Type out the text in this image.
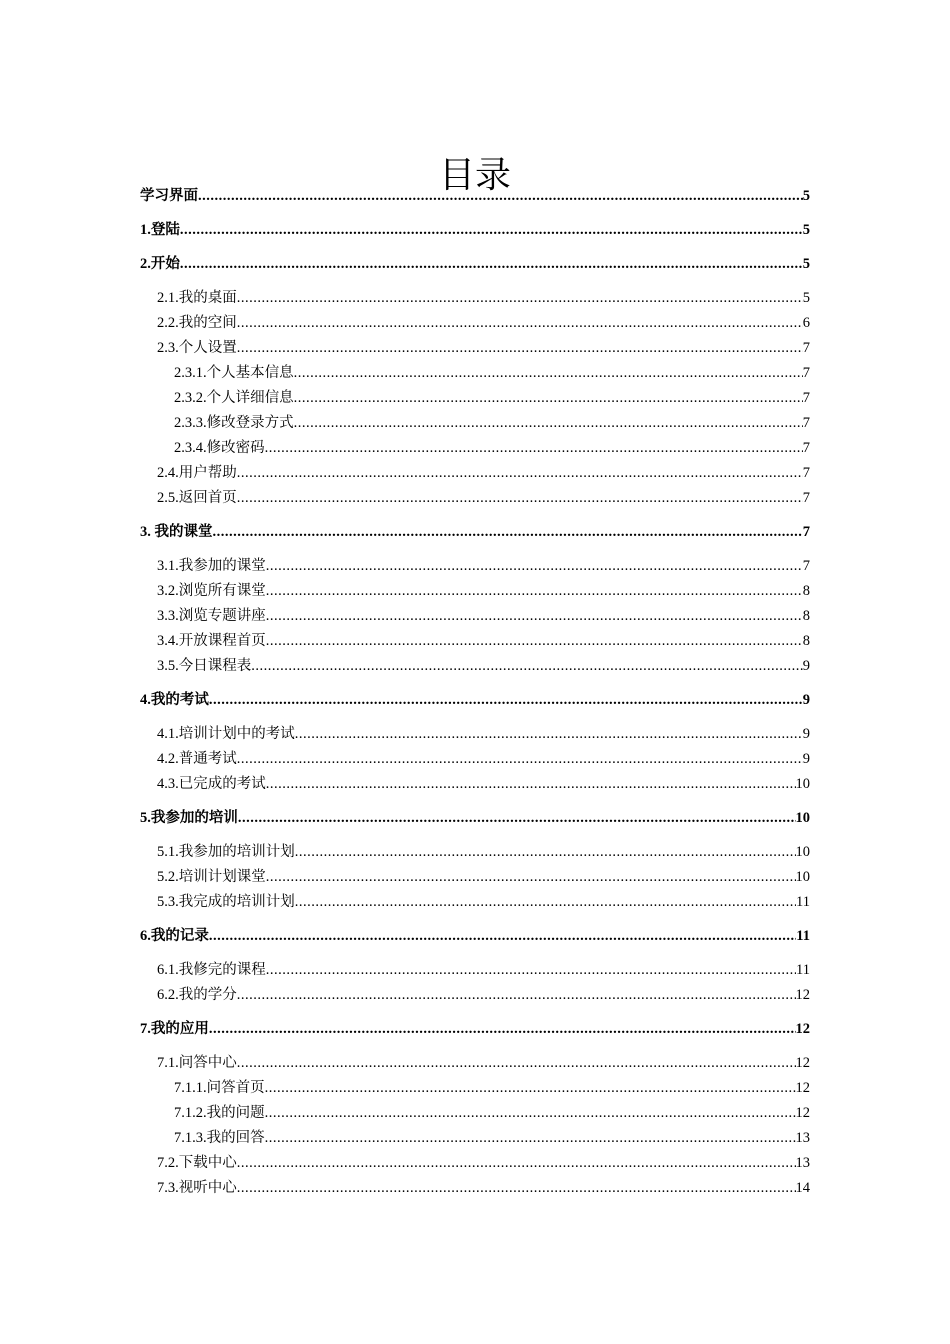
目录
学习界面 .....	5
1.登陆 .....	5
2.开始 .....	5
2.1.我的桌面 .....	5
2.2.我的空间 .....	6
2.3.个人设置 .....	7
2.3.1.个人基本信息 .....	7
2.3.2.个人详细信息 .....	7
2.3.3.修改登录方式 .....	7
2.3.4.修改密码 .....	7
2.4.用户帮助 .....	7
2.5.返回首页 .....	7
3. 我的课堂 .....	7
3.1.我参加的课堂 .....	7
3.2.浏览所有课堂 .....	8
3.3.浏览专题讲座 .....	8
3.4.开放课程首页 .....	8
3.5.今日课程表 .....	9
4.我的考试 .....	9
4.1.培训计划中的考试 .....	9
4.2.普通考试 .....	9
4.3.已完成的考试 .....	10
5.我参加的培训 .....	10
5.1.我参加的培训计划 .....	10
5.2.培训计划课堂 .....	10
5.3.我完成的培训计划 .....	11
6.我的记录 .....	11
6.1.我修完的课程 .....	11
6.2.我的学分 .....	12
7.我的应用 .....	12
7.1.问答中心 .....	12
7.1.1.问答首页 .....	12
7.1.2.我的问题 .....	12
7.1.3.我的回答 .....	13
7.2.下载中心 .....	13
7.3.视听中心 .....	14
